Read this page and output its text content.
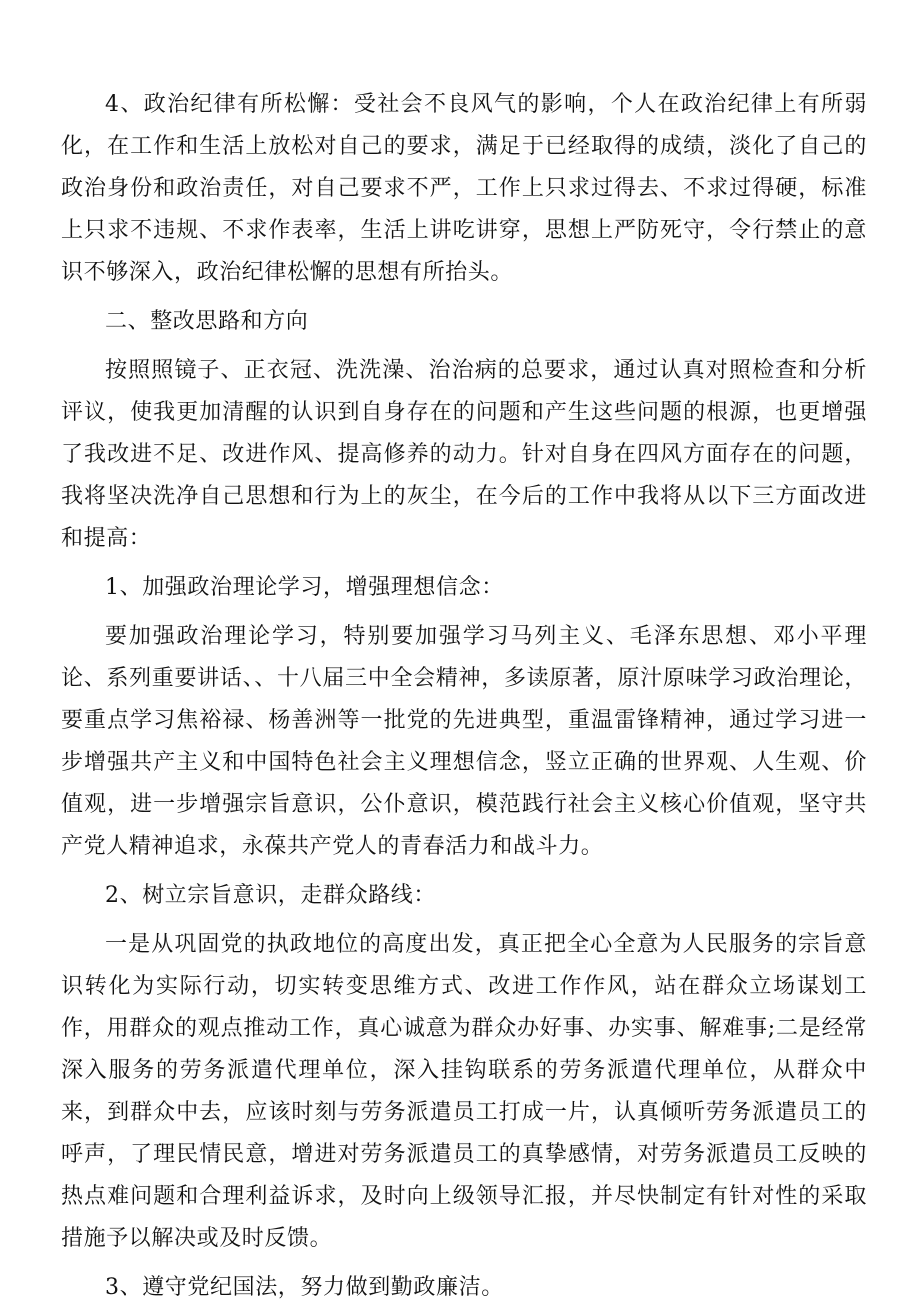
4、政治纪律有所松懈：受社会不良风气的影响，个人在政治纪律上有所弱化，在工作和生活上放松对自己的要求，满足于已经取得的成绩，淡化了自己的政治身份和政治责任，对自己要求不严，工作上只求过得去、不求过得硬，标准上只求不违规、不求作表率，生活上讲吃讲穿，思想上严防死守，令行禁止的意识不够深入，政治纪律松懈的思想有所抬头。

二、整改思路和方向

按照照镜子、正衣冠、洗洗澡、治治病的总要求，通过认真对照检查和分析评议，使我更加清醒的认识到自身存在的问题和产生这些问题的根源，也更增强了我改进不足、改进作风、提高修养的动力。针对自身在四风方面存在的问题，我将坚决洗净自己思想和行为上的灰尘，在今后的工作中我将从以下三方面改进和提高：

1、加强政治理论学习，增强理想信念：

要加强政治理论学习，特别要加强学习马列主义、毛泽东思想、邓小平理论、系列重要讲话、、十八届三中全会精神，多读原著，原汁原味学习政治理论，要重点学习焦裕禄、杨善洲等一批党的先进典型，重温雷锋精神，通过学习进一步增强共产主义和中国特色社会主义理想信念，竖立正确的世界观、人生观、价值观，进一步增强宗旨意识，公仆意识，模范践行社会主义核心价值观，坚守共产党人精神追求，永葆共产党人的青春活力和战斗力。

2、树立宗旨意识，走群众路线：

一是从巩固党的执政地位的高度出发，真正把全心全意为人民服务的宗旨意识转化为实际行动，切实转变思维方式、改进工作作风，站在群众立场谋划工作，用群众的观点推动工作，真心诚意为群众办好事、办实事、解难事;二是经常深入服务的劳务派遣代理单位，深入挂钩联系的劳务派遣代理单位，从群众中来，到群众中去，应该时刻与劳务派遣员工打成一片，认真倾听劳务派遣员工的呼声，了理民情民意，增进对劳务派遣员工的真挚感情，对劳务派遣员工反映的热点难问题和合理利益诉求，及时向上级领导汇报，并尽快制定有针对性的采取措施予以解决或及时反馈。

3、遵守党纪国法，努力做到勤政廉洁。
